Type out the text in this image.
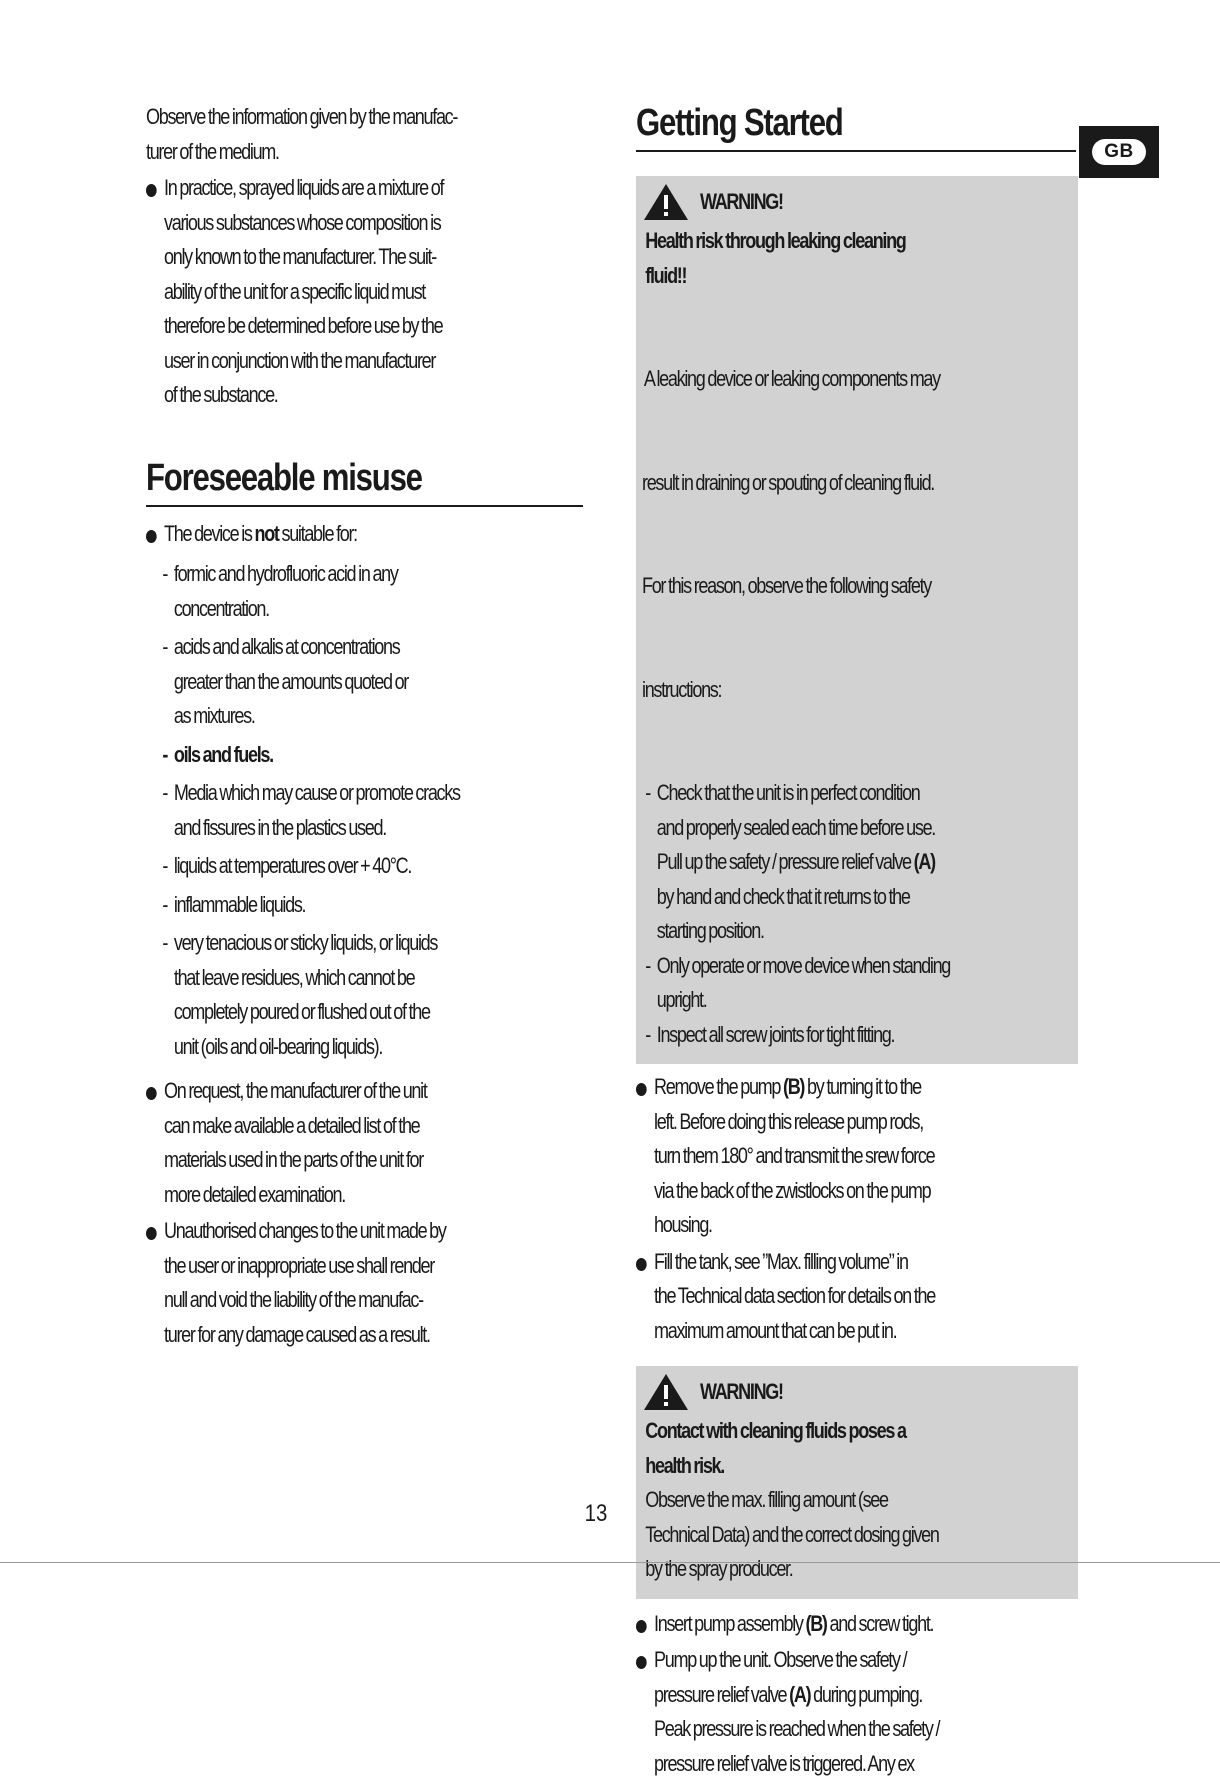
Observe the information given by the manufac-

turer of the medium.

In practice, sprayed liquids are a mixture of

various substances whose composition is

only known to the manufacturer. The suit-

ability of the unit for a specific liquid must

therefore be determined before use by the

user in conjunction with the manufacturer

of the substance.

Foreseeable misuse

The device is not suitable for:

- formic and hydrofluoric acid in any

concentration.

- acids and alkalis at concentrations

greater than the amounts quoted or

as mixtures.

- oils and fuels.

- Media which may cause or promote cracks

and fissures in the plastics used.

- liquids at temperatures over + 40°C.

- inflammable liquids.

- very tenacious or sticky liquids, or liquids

that leave residues, which cannot be

completely poured or flushed out of the

unit (oils and oil-bearing liquids).

On request, the manufacturer of the unit

can make available a detailed list of the

materials used in the parts of the unit for

more detailed examination.

Unauthorised changes to the unit made by

the user or inappropriate use shall render

null and void the liability of the manufac-

turer for any damage caused as a result.

Getting Started
WARNING!

Health risk through leaking cleaning

fluid!!

A leaking device or leaking components may

result in draining or spouting of cleaning fluid.

For this reason, observe the following safety

instructions:

- Check that the unit is in perfect condition

and properly sealed each time before use.

Pull up the safety / pressure relief valve (A)

by hand and check that it returns to the

starting position.

- Only operate or move device when standing

upright.

- Inspect all screw joints for tight fitting.

Remove the pump (B) by turning it to the

left. Before doing this release pump rods,

turn them 180° and transmit the srew force

via the back of the zwistlocks on the pump

housing.

Fill the tank, see ”Max. filling volume” in

the Technical data section for details on the

maximum amount that can be put in.

WARNING!

Contact with cleaning fluids poses a

health risk.

Observe the max. filling amount (see

Technical Data) and the correct dosing given

by the spray producer.

Insert pump assembly (B) and screw tight.

Pump up the unit. Observe the safety /

pressure relief valve (A) during pumping.

Peak pressure is reached when the safety /

pressure relief valve is triggered. Any ex

GB
13
